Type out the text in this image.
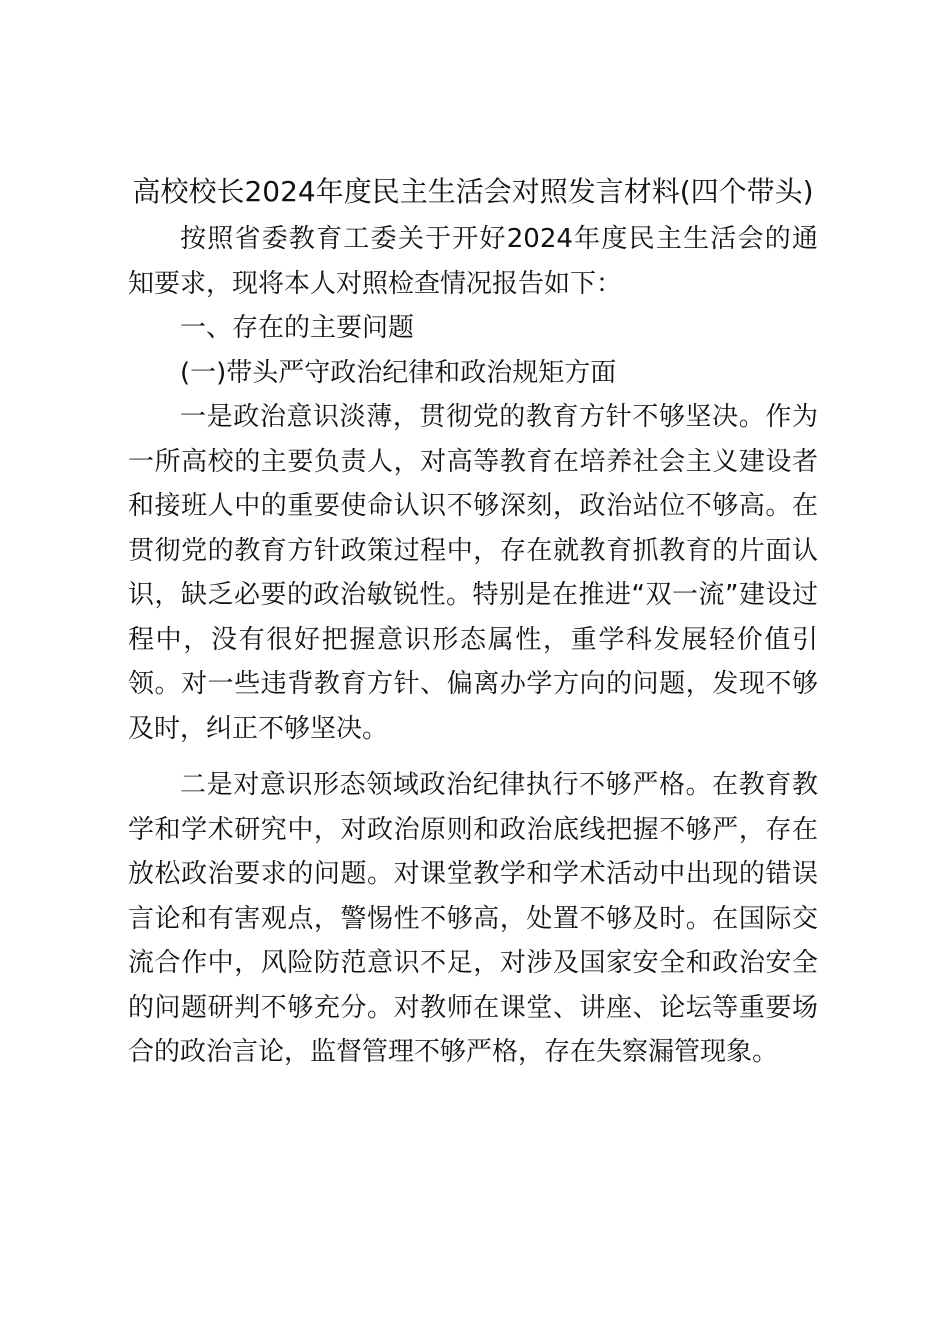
高校校长2024年度民主生活会对照发言材料(四个带头)

按照省委教育工委关于开好2024年度民主生活会的通知要求，现将本人对照检查情况报告如下：

一、存在的主要问题

(一)带头严守政治纪律和政治规矩方面

一是政治意识淡薄，贯彻党的教育方针不够坚决。作为一所高校的主要负责人，对高等教育在培养社会主义建设者和接班人中的重要使命认识不够深刻，政治站位不够高。在贯彻党的教育方针政策过程中，存在就教育抓教育的片面认识，缺乏必要的政治敏锐性。特别是在推进“双一流”建设过程中，没有很好把握意识形态属性，重学科发展轻价值引领。对一些违背教育方针、偏离办学方向的问题，发现不够及时，纠正不够坚决。

二是对意识形态领域政治纪律执行不够严格。在教育教学和学术研究中，对政治原则和政治底线把握不够严，存在放松政治要求的问题。对课堂教学和学术活动中出现的错误言论和有害观点，警惕性不够高，处置不够及时。在国际交流合作中，风险防范意识不足，对涉及国家安全和政治安全的问题研判不够充分。对教师在课堂、讲座、论坛等重要场合的政治言论，监督管理不够严格，存在失察漏管现象。
